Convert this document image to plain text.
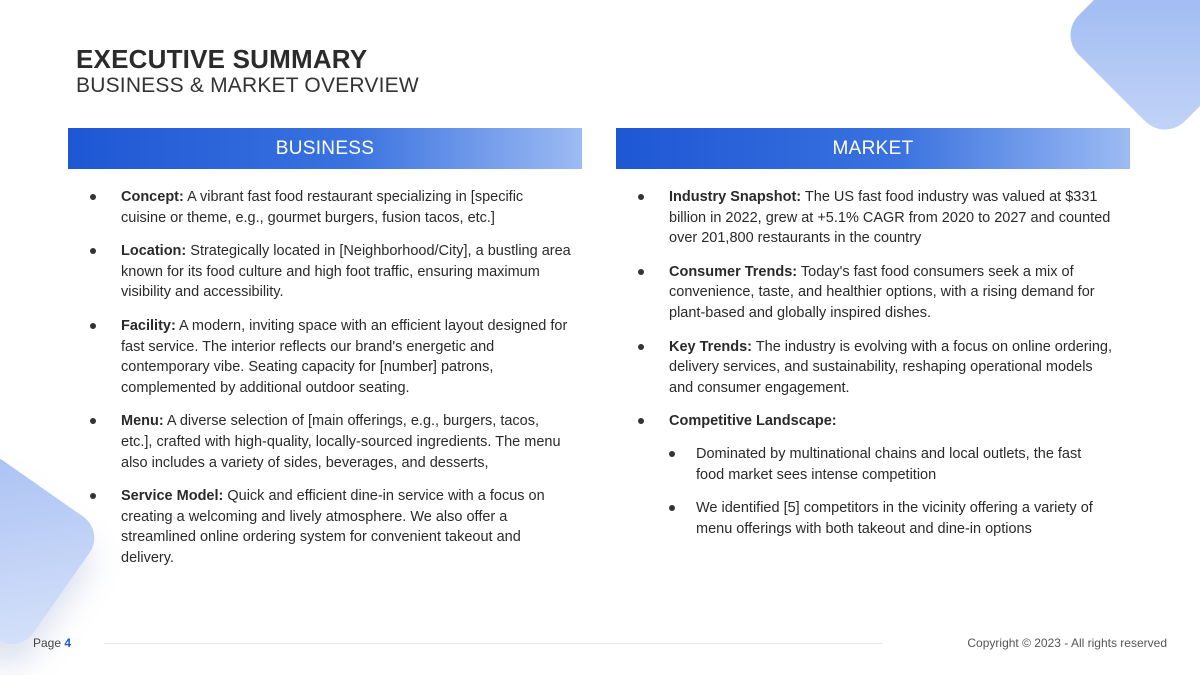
EXECUTIVE SUMMARY
BUSINESS & MARKET OVERVIEW
BUSINESS
Concept: A vibrant fast food restaurant specializing in [specific cuisine or theme, e.g., gourmet burgers, fusion tacos, etc.]
Location: Strategically located in [Neighborhood/City], a bustling area known for its food culture and high foot traffic, ensuring maximum visibility and accessibility.
Facility: A modern, inviting space with an efficient layout designed for fast service. The interior reflects our brand's energetic and contemporary vibe. Seating capacity for [number] patrons, complemented by additional outdoor seating.
Menu: A diverse selection of [main offerings, e.g., burgers, tacos, etc.], crafted with high-quality, locally-sourced ingredients. The menu also includes a variety of sides, beverages, and desserts,
Service Model: Quick and efficient dine-in service with a focus on creating a welcoming and lively atmosphere. We also offer a streamlined online ordering system for convenient takeout and delivery.
MARKET
Industry Snapshot: The US fast food industry was valued at $331 billion in 2022, grew at +5.1% CAGR from 2020 to 2027 and counted over 201,800 restaurants in the country
Consumer Trends: Today's fast food consumers seek a mix of convenience, taste, and healthier options, with a rising demand for plant-based and globally inspired dishes.
Key Trends: The industry is evolving with a focus on online ordering, delivery services, and sustainability, reshaping operational models and consumer engagement.
Competitive Landscape:
Dominated by multinational chains and local outlets, the fast food market sees intense competition
We identified [5] competitors in the vicinity offering a variety of menu offerings with both takeout and dine-in options
Page 4	Copyright © 2023 - All rights reserved
